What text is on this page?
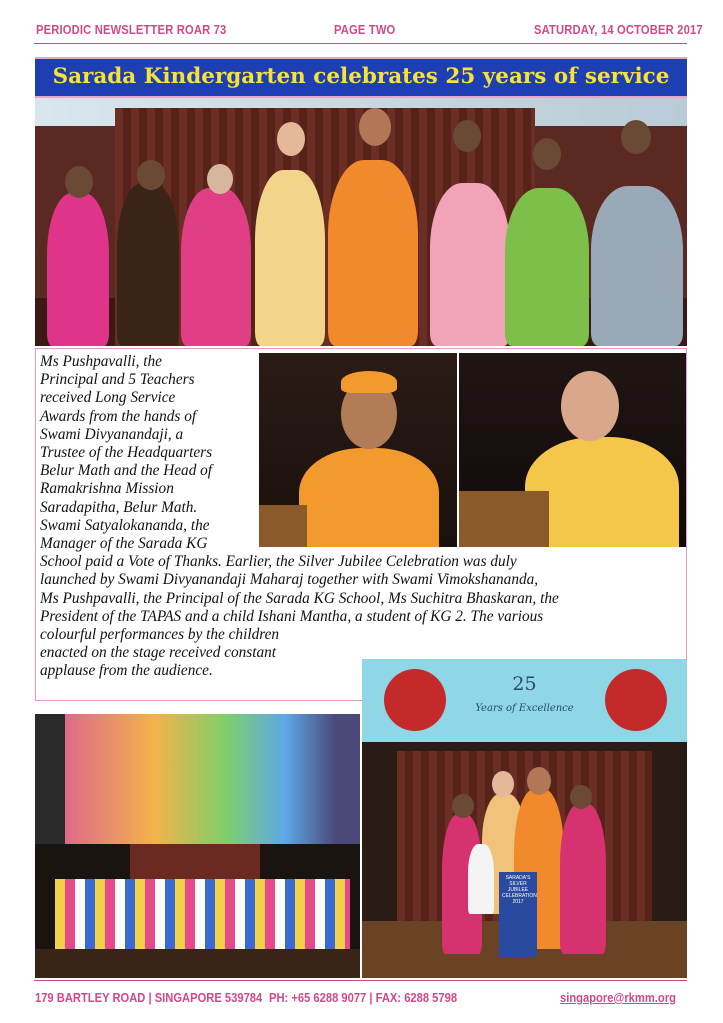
PERIODIC NEWSLETTER ROAR 73	PAGE TWO	SATURDAY, 14 OCTOBER 2017
Sarada Kindergarten celebrates 25 years of service
Ms Pushpavalli, the
Principal and 5 Teachers
received Long Service
Awards from the hands of
Swami Divyanandaji, a
Trustee of the Headquarters
Belur Math and the Head of
Ramakrishna Mission
Saradapitha, Belur Math.
Swami Satyalokananda, the
Manager of the Sarada KG
School paid a Vote of Thanks. Earlier, the Silver Jubilee Celebration was duly
launched by Swami Divyanandaji Maharaj together with Swami Vimokshananda,
Ms Pushpavalli, the Principal of the Sarada KG School, Ms Suchitra Bhaskaran, the
President of the TAPAS and a child Ishani Mantha, a student of KG 2. The various
colourful performances by the children
enacted on the stage received constant
applause from the audience.
25
Years of Excellence
SARADA'S SILVER JUBILEE CELEBRATION 2017
179 BARTLEY ROAD | SINGAPORE 539784 PH: +65 6288 9077 | FAX: 6288 5798	singapore@rkmm.org
